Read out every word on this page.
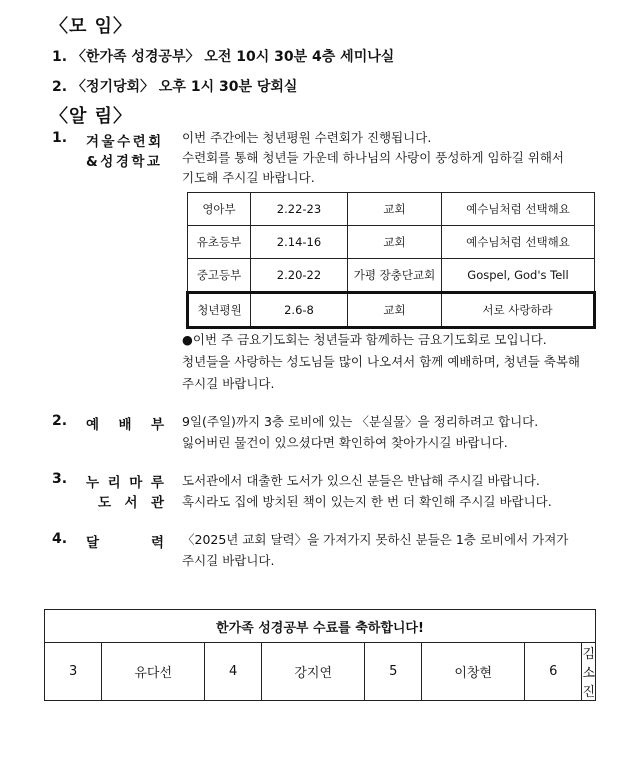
〈모 임〉
1. 〈한가족 성경공부〉 오전 10시 30분 4층 세미나실
2. 〈정기당회〉 오후 1시 30분 당회실
〈알 림〉
1. 겨울수련회
&성경학교
이번 주간에는 청년평원 수련회가 진행됩니다.
수련회를 통해 청년들 가운데 하나님의 사랑이 풍성하게 임하길 위해서
기도해 주시길 바랍니다.
영아부	2.22-23	교회	예수님처럼 선택해요
유초등부	2.14-16	교회	예수님처럼 선택해요
중고등부	2.20-22	가평 장충단교회	Gospel, God's Tell
청년평원	2.6-8	교회	서로 사랑하라
●이번 주 금요기도회는 청년들과 함께하는 금요기도회로 모입니다.
청년들을 사랑하는 성도님들 많이 나오셔서 함께 예배하며, 청년들 축복해
주시길 바랍니다.
2. 예 배 부 9일(주일)까지 3층 로비에 있는 〈분실물〉을 정리하려고 합니다.
잃어버린 물건이 있으셨다면 확인하여 찾아가시길 바랍니다.
3. 누 리 마 루
도 서 관
도서관에서 대출한 도서가 있으신 분들은 반납해 주시길 바랍니다.
혹시라도 집에 방치된 책이 있는지 한 번 더 확인해 주시길 바랍니다.
4. 달	력 〈2025년 교회 달력〉을 가져가지 못하신 분들은 1층 로비에서 가져가
주시길 바랍니다.
한가족 성경공부 수료를 축하합니다!
3	유다선	4	강지연	5	이창현	6	김소진
